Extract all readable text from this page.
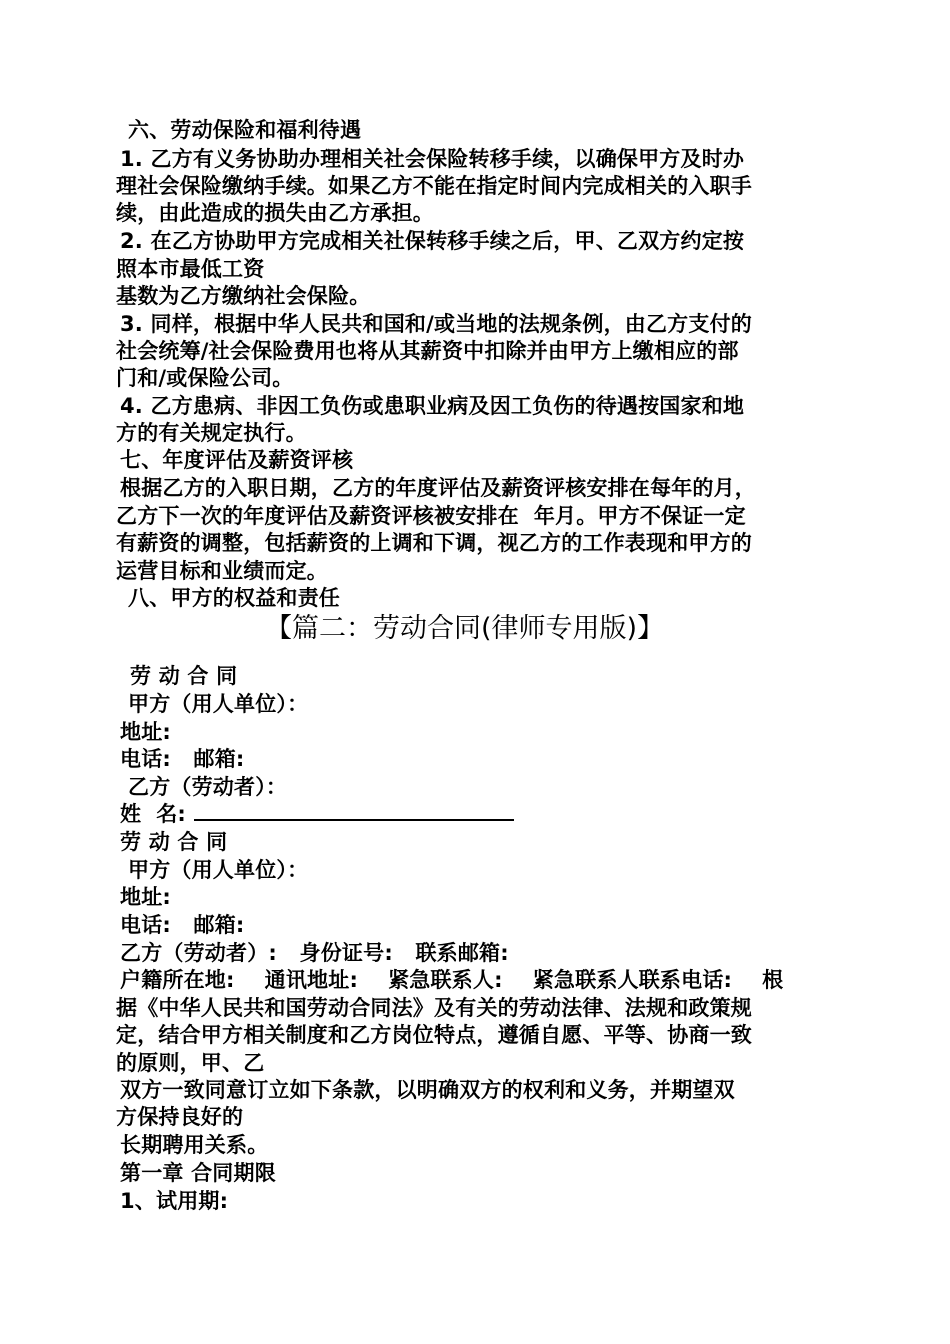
六、劳动保险和福利待遇
1. 乙方有义务协助办理相关社会保险转移手续，以确保甲方及时办
理社会保险缴纳手续。如果乙方不能在指定时间内完成相关的入职手
续，由此造成的损失由乙方承担。
2. 在乙方协助甲方完成相关社保转移手续之后，甲、乙双方约定按
照本市最低工资
基数为乙方缴纳社会保险。
3. 同样，根据中华人民共和国和/或当地的法规条例，由乙方支付的
社会统筹/社会保险费用也将从其薪资中扣除并由甲方上缴相应的部
门和/或保险公司。
4. 乙方患病、非因工负伤或患职业病及因工负伤的待遇按国家和地
方的有关规定执行。
七、年度评估及薪资评核
根据乙方的入职日期，乙方的年度评估及薪资评核安排在每年的月，
乙方下一次的年度评估及薪资评核被安排在  年月。甲方不保证一定
有薪资的调整，包括薪资的上调和下调，视乙方的工作表现和甲方的
运营目标和业绩而定。
八、甲方的权益和责任
【篇二：劳动合同(律师专用版)】
劳 动 合 同
甲方（用人单位）：
地址:
电话:   邮箱:
乙方（劳动者）：
姓  名:
劳 动 合 同
甲方（用人单位）：
地址:
电话:   邮箱:
乙方（劳动者）:   身份证号:   联系邮箱:
户籍所在地:    通讯地址:    紧急联系人:    紧急联系人联系电话:    根
据《中华人民共和国劳动合同法》及有关的劳动法律、法规和政策规
定，结合甲方相关制度和乙方岗位特点，遵循自愿、平等、协商一致
的原则，甲、乙
双方一致同意订立如下条款，以明确双方的权利和义务，并期望双
方保持良好的
长期聘用关系。
第一章 合同期限
1、试用期:
